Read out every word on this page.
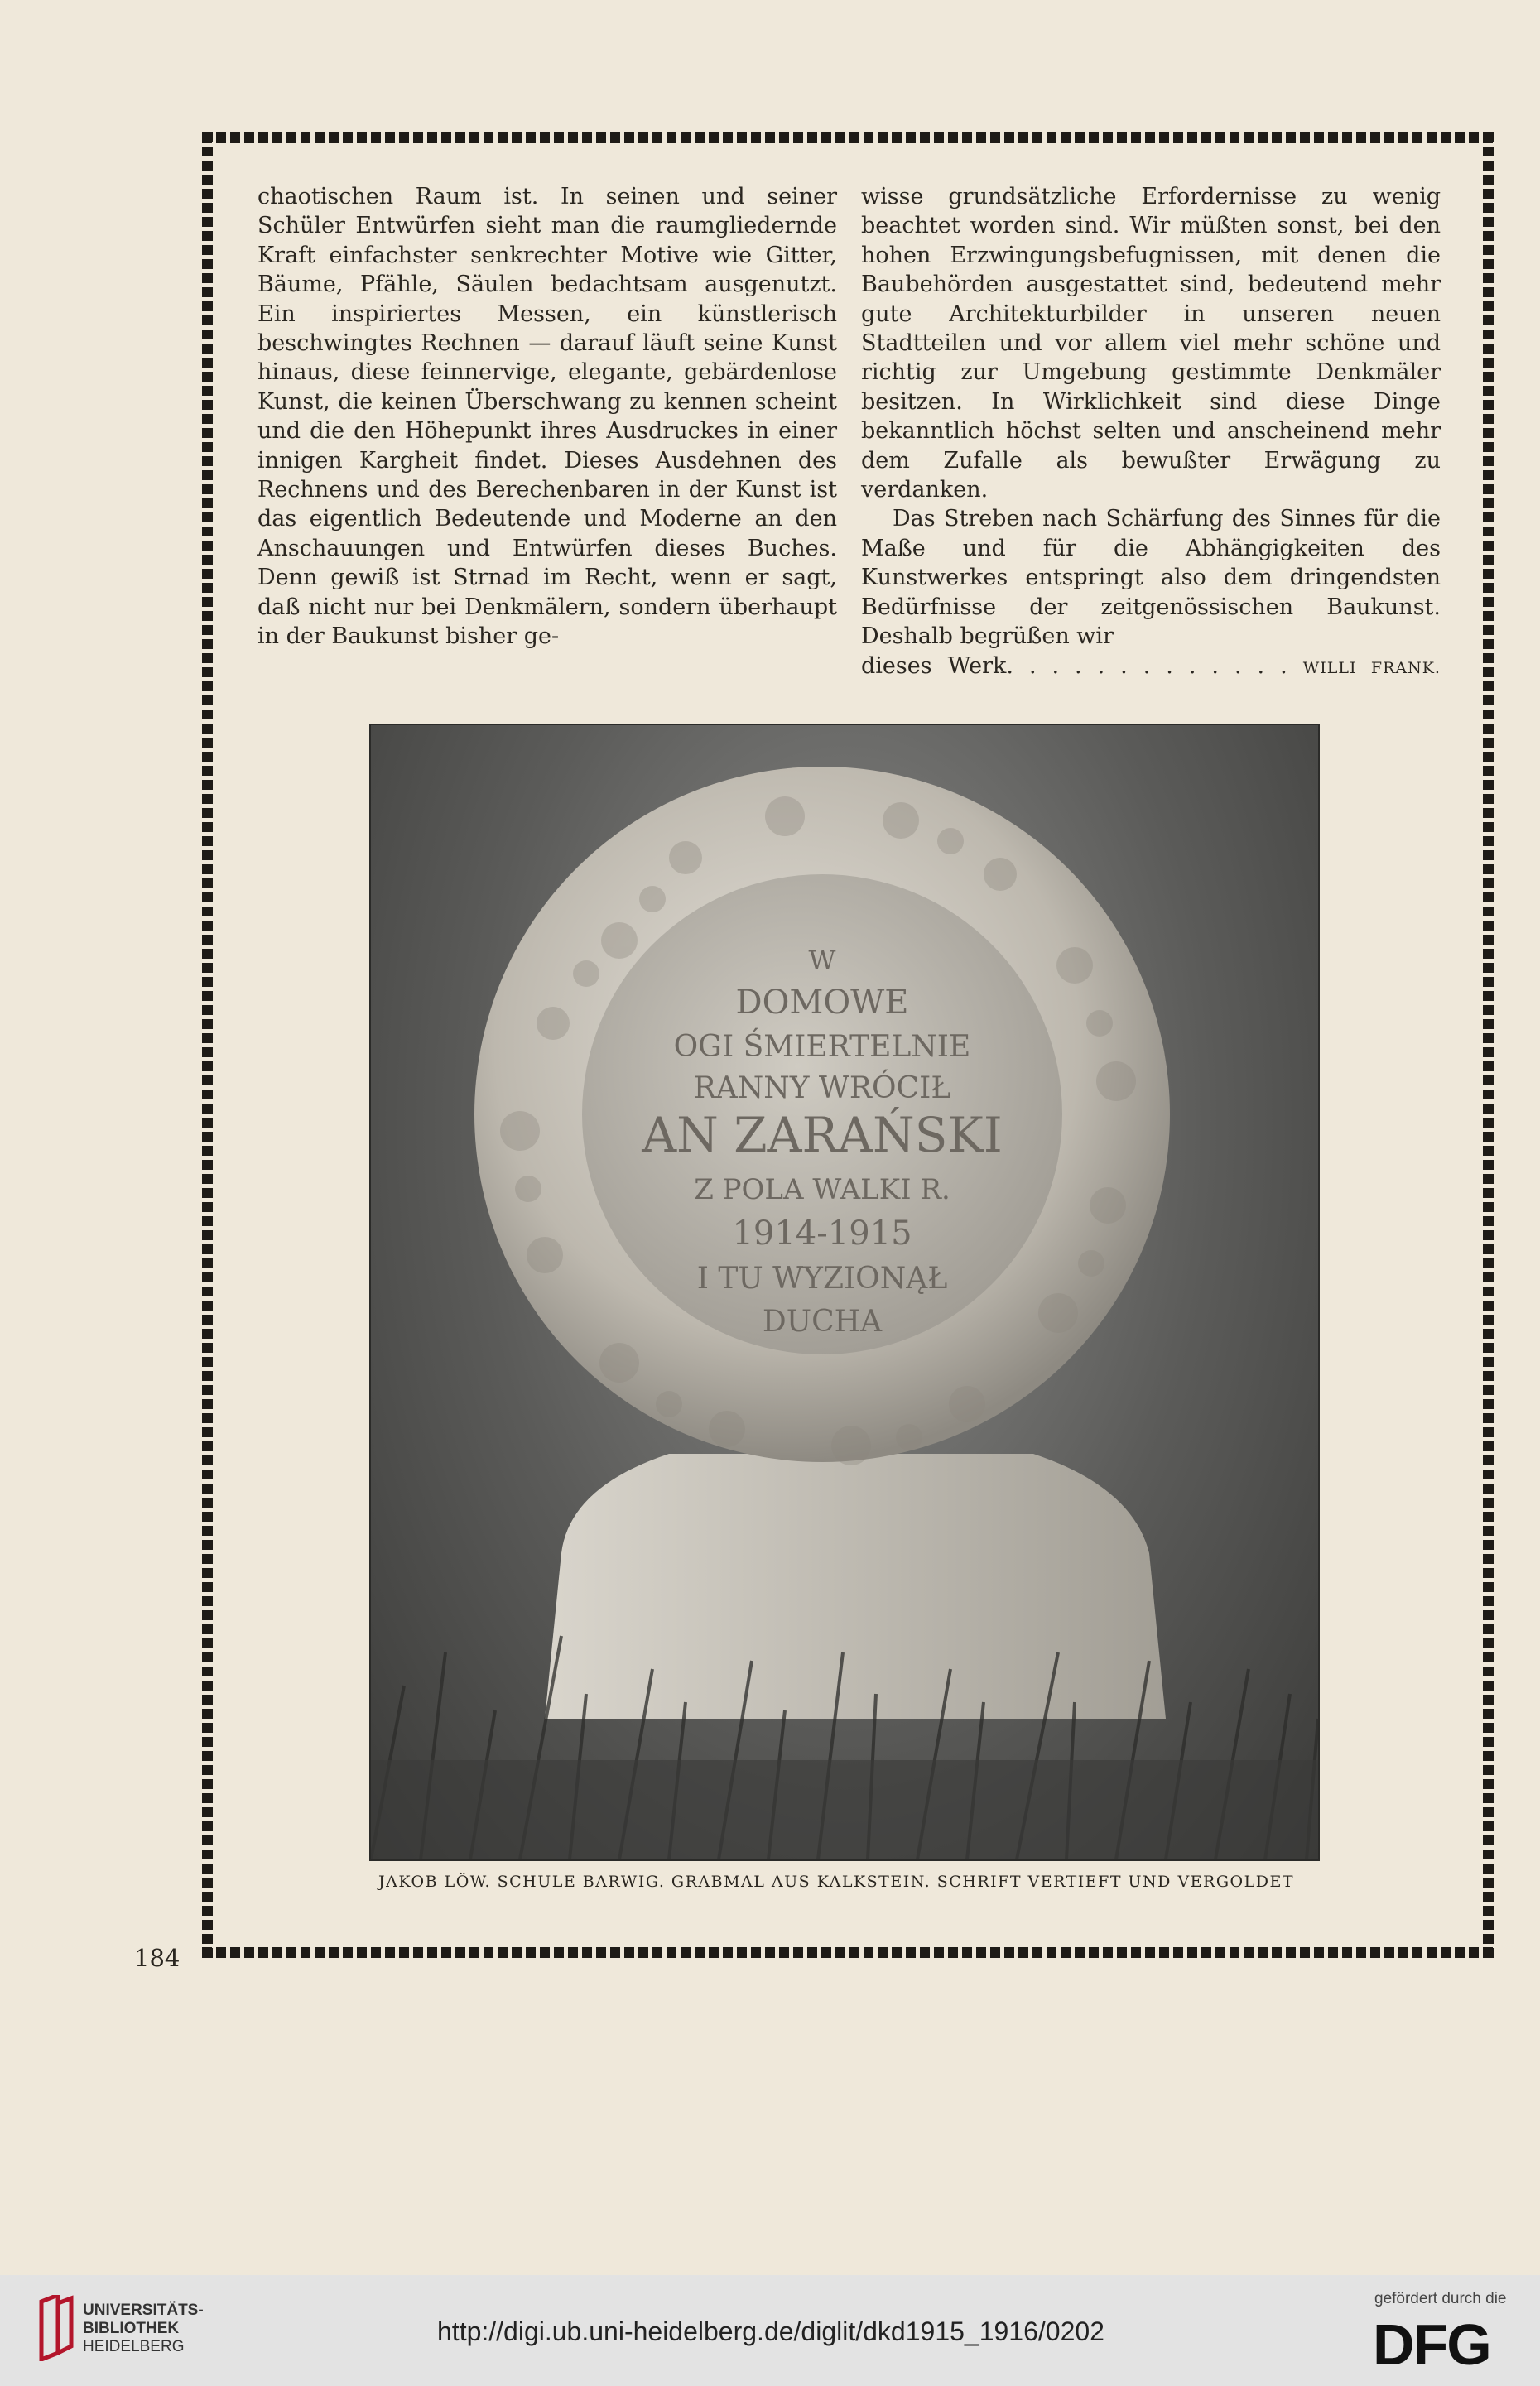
chaotischen Raum ist. In seinen und seiner Schüler Entwürfen sieht man die raumgliedernde Kraft einfachster senkrechter Motive wie Gitter, Bäume, Pfähle, Säulen bedachtsam ausgenutzt. Ein inspiriertes Messen, ein künstlerisch beschwingtes Rechnen — darauf läuft seine Kunst hinaus, diese feinnervige, elegante, gebärdenlose Kunst, die keinen Überschwang zu kennen scheint und die den Höhepunkt ihres Ausdruckes in einer innigen Kargheit findet. Dieses Ausdehnen des Rechnens und des Berechenbaren in der Kunst ist das eigentlich Bedeutende und Moderne an den Anschauungen und Entwürfen dieses Buches. Denn gewiß ist Strnad im Recht, wenn er sagt, daß nicht nur bei Denkmälern, sondern überhaupt in der Baukunst bisher ge-

wisse grundsätzliche Erfordernisse zu wenig beachtet worden sind. Wir müßten sonst, bei den hohen Erzwingungsbefugnissen, mit denen die Baubehörden ausgestattet sind, bedeutend mehr gute Architekturbilder in unseren neuen Stadtteilen und vor allem viel mehr schöne und richtig zur Umgebung gestimmte Denkmäler besitzen. In Wirklichkeit sind diese Dinge bekanntlich höchst selten und anscheinend mehr dem Zufalle als bewußter Erwägung zu verdanken.

Das Streben nach Schärfung des Sinnes für die Maße und für die Abhängigkeiten des Kunstwerkes entspringt also dem dringendsten Bedürfnisse der zeitgenössischen Baukunst. Deshalb begrüßen wir

dieses Werk. . . . . . . . . . . . . WILLI FRANK.

W
DOMOWE
OGI ŚMIERTELNIE
RANNY WRÓCIŁ
AN ZARAŃSKI
Z POLA WALKI R.
1914-1915
I TU WYZIONĄŁ
DUCHA
JAKOB LÖW. SCHULE BARWIG. GRABMAL AUS KALKSTEIN. SCHRIFT VERTIEFT UND VERGOLDET
184
UNIVERSITÄTS-
BIBLIOTHEK
HEIDELBERG
http://digi.ub.uni-heidelberg.de/diglit/dkd1915_1916/0202
gefördert durch die
DFG
